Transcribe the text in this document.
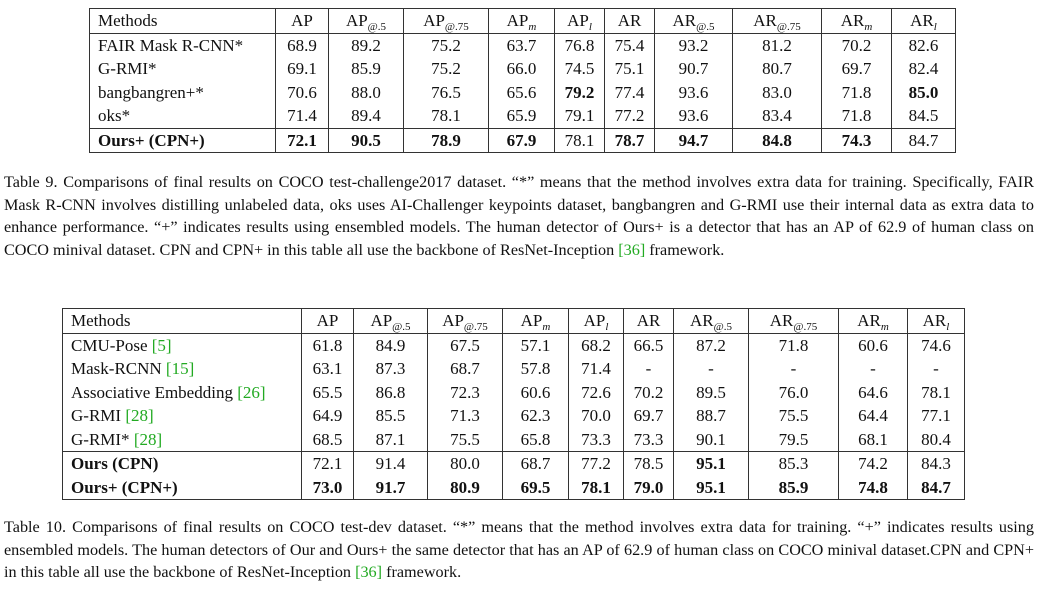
Methods	AP	$AP_{@.5}$	$AP_{@.75}$	$AP_m$	$AP_l$	AR	$AR_{@.5}$	$AR_{@.75}$	$AR_m$	$AR_l$
FAIR Mask R-CNN*	68.9	89.2	75.2	63.7	76.8	75.4	93.2	81.2	70.2	82.6
G-RMI*	69.1	85.9	75.2	66.0	74.5	75.1	90.7	80.7	69.7	82.4
bangbangren+*	70.6	88.0	76.5	65.6	79.2	77.4	93.6	83.0	71.8	85.0
oks*	71.4	89.4	78.1	65.9	79.1	77.2	93.6	83.4	71.8	84.5
Ours+ (CPN+)	72.1	90.5	78.9	67.9	78.1	78.7	94.7	84.8	74.3	84.7

Table 9. Comparisons of final results on COCO test-challenge2017 dataset. “*” means that the method involves extra data for training. Specifically, FAIR Mask R-CNN involves distilling unlabeled data, oks uses AI-Challenger keypoints dataset, bangbangren and G-RMI use their internal data as extra data to enhance performance. “+” indicates results using ensembled models. The human detector of Ours+ is a detector that has an AP of 62.9 of human class on COCO minival dataset. CPN and CPN+ in this table all use the backbone of ResNet-Inception [36] framework.

Methods	AP	$AP_{@.5}$	$AP_{@.75}$	$AP_m$	$AP_l$	AR	$AR_{@.5}$	$AR_{@.75}$	$AR_m$	$AR_l$
CMU-Pose [5]	61.8	84.9	67.5	57.1	68.2	66.5	87.2	71.8	60.6	74.6
Mask-RCNN [15]	63.1	87.3	68.7	57.8	71.4	-	-	-	-	-
Associative Embedding [26]	65.5	86.8	72.3	60.6	72.6	70.2	89.5	76.0	64.6	78.1
G-RMI [28]	64.9	85.5	71.3	62.3	70.0	69.7	88.7	75.5	64.4	77.1
G-RMI* [28]	68.5	87.1	75.5	65.8	73.3	73.3	90.1	79.5	68.1	80.4
Ours (CPN)	72.1	91.4	80.0	68.7	77.2	78.5	95.1	85.3	74.2	84.3
Ours+ (CPN+)	73.0	91.7	80.9	69.5	78.1	79.0	95.1	85.9	74.8	84.7

Table 10. Comparisons of final results on COCO test-dev dataset. “*” means that the method involves extra data for training. “+” indicates results using ensembled models. The human detectors of Our and Ours+ the same detector that has an AP of 62.9 of human class on COCO minival dataset.CPN and CPN+ in this table all use the backbone of ResNet-Inception [36] framework.
